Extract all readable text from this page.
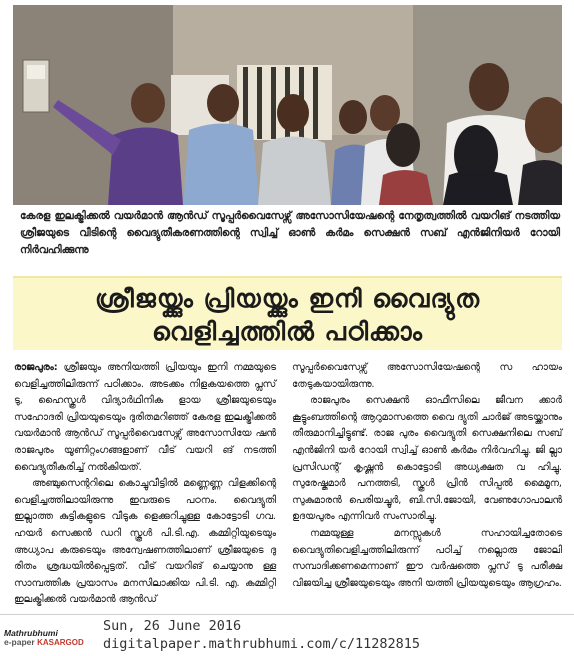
കേരള ഇലക്ട്രിക്കൽ വയർമാൻ ആൻഡ് സൂപ്പർവൈസേഴ്സ് അസോസിയേഷന്റെ നേതൃത്വത്തിൽ വയറിങ് നടത്തിയ ശ്രീജയുടെ വീടിന്റെ വൈദ്യുതീകരണത്തിന്റെ സ്വിച്ച് ഓൺ കർമം സെക്ഷൻ സബ് എൻജിനിയർ റോയി നിർവഹിക്കുന്നു
ശ്രീജയ്ക്കും പ്രിയയ്ക്കും ഇനി വൈദ്യുത
വെളിച്ചത്തിൽ പഠിക്കാം

രാജപുരം: ശ്രീജയും അനിയത്തി പ്രിയയും ഇനി നമ്മയുടെ വെളിച്ചത്തിലിരുന്ന് പഠിക്കാം. അടക്കം നിളകയത്തെ പ്ലസ് ടു, ഹൈസ്കൂൾ വിദ്യാർഥിനിക ളായ ശ്രീജയുടെയും സഹോദരി പ്രിയയുടെയും ദുരിതമറിഞ്ഞ് കേരള ഇലക്ട്രിക്കൽ വയർമാൻ ആൻഡ് സൂപ്പർവൈസേഴ്സ് അസോസിയേ ഷൻ രാജപുരം യൂണിറ്റംഗങ്ങളാണ് വീട് വയറി ങ് നടത്തി വൈദ്യുതീകരിച്ച് നൽകിയത്.

അഞ്ചുസെന്ററിലെ കൊച്ചുവീട്ടിൽ മണ്ണെണ്ണ വിളക്കിന്റെ വെളിച്ചത്തിലായിരുന്നു ഇവരുടെ പഠനം. വൈദ്യുതി ഇല്ലാത്ത കുട്ടികളുടെ വീടുക ളെക്കുറിച്ചുള്ള കോട്ടോടി ഗവ. ഹയർ സെക്കൻ ഡറി സ്കൂൾ പി.ടി.എ. കമ്മിറ്റിയുടെയും അധ്യാപ കരുടെയും അന്വേഷണത്തിലാണ് ശ്രീജയുടെ ദു രിതം ശ്രദ്ധയിൽപ്പെട്ടത്. വീട് വയറിങ് ചെയ്യാനു ള്ള സാമ്പത്തിക പ്രയാസം മനസിലാക്കിയ പി.ടി. എ. കമ്മിറ്റി ഇലക്ട്രിക്കൽ വയർമാൻ ആൻഡ്

സൂപ്പർവൈസേഴ്സ് അസോസിയേഷന്റെ സ ഹായം തേടുകയായിരുന്നു.

രാജപുരം സെക്ഷൻ ഓഫീസിലെ ജീവന ക്കാർ കൂട്ടുംബത്തിന്റെ ആറുമാസത്തെ വൈ ദ്യുതി ചാർജ് അടയ്ക്കാനും തീരുമാനിച്ചിട്ടുണ്ട്. രാജ പുരം വൈദ്യുതി സെക്ഷനിലെ സബ് എൻജിനി യർ റോയി സ്വിച്ച് ഓൺ കർമം നിർവഹിച്ചു. ജി ല്ലാ പ്രസിഡന്റ് കൃഷ്ണൻ കൊട്ടോടി അധ്യക്ഷത വ ഹിച്ചു. സുരേഷ്കുമാർ പനത്തടി, സ്കൂൾ പ്രിൻ സിപ്പൽ മൈമൂന, സുകുമാരൻ പെരിയച്ചൂർ, ബി.സി.ജോയി, വേണുഗോപാലൻ ഉദയപുരം എന്നിവർ സംസാരിച്ചു.

നമ്മയുള്ള മനസ്സുകൾ സഹായിച്ചതോടെ വൈദ്യുതിവെളിച്ചത്തിലിരുന്ന് പഠിച്ച് നല്ലൊരു ജോലി സമ്പാദിക്കണമെന്നാണ് ഈ വർഷത്തെ പ്ലസ് ടു പരീക്ഷ വിജയിച്ച ശ്രീജയുടെയും അനി യത്തി പ്രിയയുടെയും ആഗ്രഹം.

Mathrubhumi
e-paper KASARGOD
Sun, 26 June 2016
digitalpaper.mathrubhumi.com/c/11282815
